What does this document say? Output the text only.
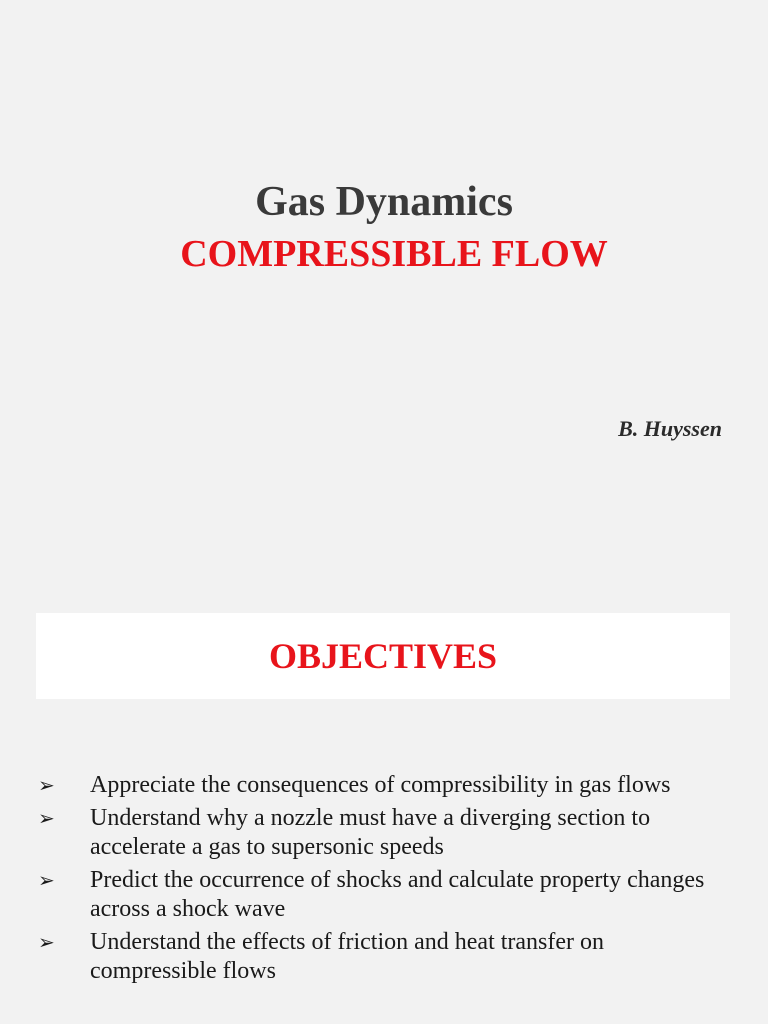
Gas Dynamics
COMPRESSIBLE FLOW
B. Huyssen
OBJECTIVES
➢	Appreciate the consequences of compressibility in gas flows
➢	Understand why a nozzle must have a diverging section to accelerate a gas to supersonic speeds
➢	Predict the occurrence of shocks and calculate property changes across a shock wave
➢	Understand the effects of friction and heat transfer on compressible flows
